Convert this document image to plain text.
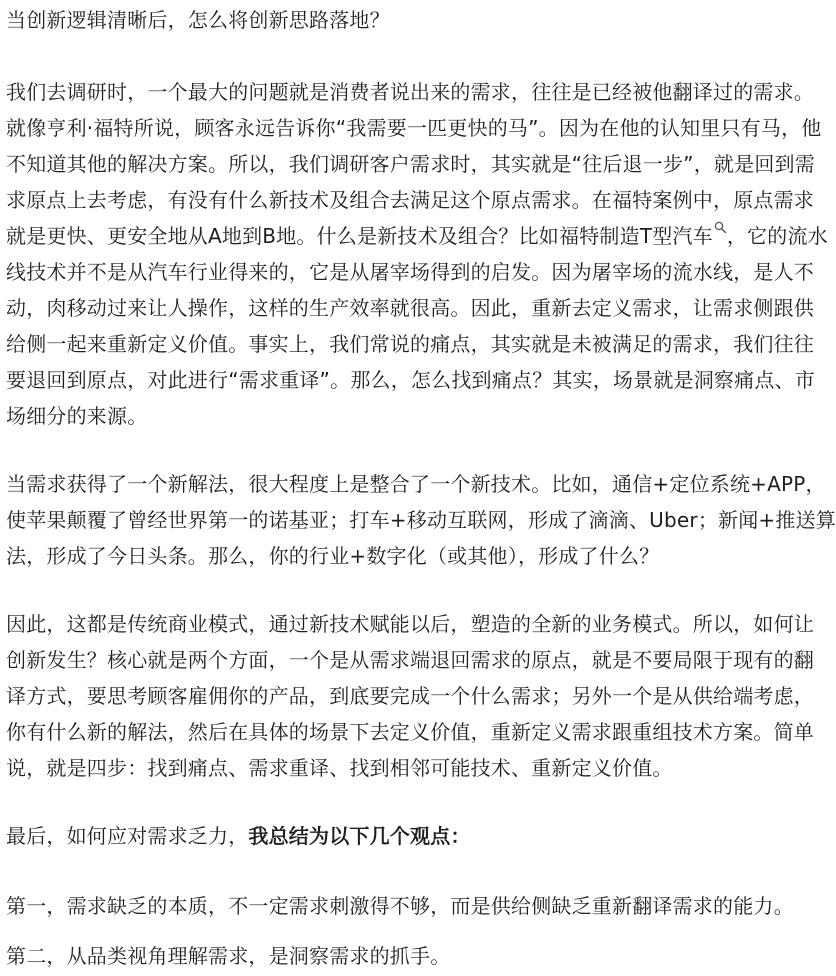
当创新逻辑清晰后，怎么将创新思路落地？
我们去调研时，一个最大的问题就是消费者说出来的需求，往往是已经被他翻译过的需求。
就像亨利·福特所说，顾客永远告诉你“我需要一匹更快的马”。因为在他的认知里只有马，他
不知道其他的解决方案。所以，我们调研客户需求时，其实就是“往后退一步”，就是回到需
求原点上去考虑，有没有什么新技术及组合去满足这个原点需求。在福特案例中，原点需求
就是更快、更安全地从A地到B地。什么是新技术及组合？比如福特制造T型汽车 ，它的流水
线技术并不是从汽车行业得来的，它是从屠宰场得到的启发。因为屠宰场的流水线，是人不
动，肉移动过来让人操作，这样的生产效率就很高。因此，重新去定义需求，让需求侧跟供
给侧一起来重新定义价值。事实上，我们常说的痛点，其实就是未被满足的需求，我们往往
要退回到原点，对此进行“需求重译”。那么，怎么找到痛点？其实，场景就是洞察痛点、市
场细分的来源。
当需求获得了一个新解法，很大程度上是整合了一个新技术。比如，通信+定位系统+APP，
使苹果颠覆了曾经世界第一的诺基亚；打车+移动互联网，形成了滴滴、Uber；新闻+推送算
法，形成了今日头条。那么，你的行业+数字化（或其他），形成了什么？
因此，这都是传统商业模式，通过新技术赋能以后，塑造的全新的业务模式。所以，如何让
创新发生？核心就是两个方面，一个是从需求端退回需求的原点，就是不要局限于现有的翻
译方式，要思考顾客雇佣你的产品，到底要完成一个什么需求；另外一个是从供给端考虑，
你有什么新的解法，然后在具体的场景下去定义价值，重新定义需求跟重组技术方案。简单
说，就是四步：找到痛点、需求重译、找到相邻可能技术、重新定义价值。
最后，如何应对需求乏力，我总结为以下几个观点：
第一，需求缺乏的本质，不一定需求刺激得不够，而是供给侧缺乏重新翻译需求的能力。
第二，从品类视角理解需求，是洞察需求的抓手。
